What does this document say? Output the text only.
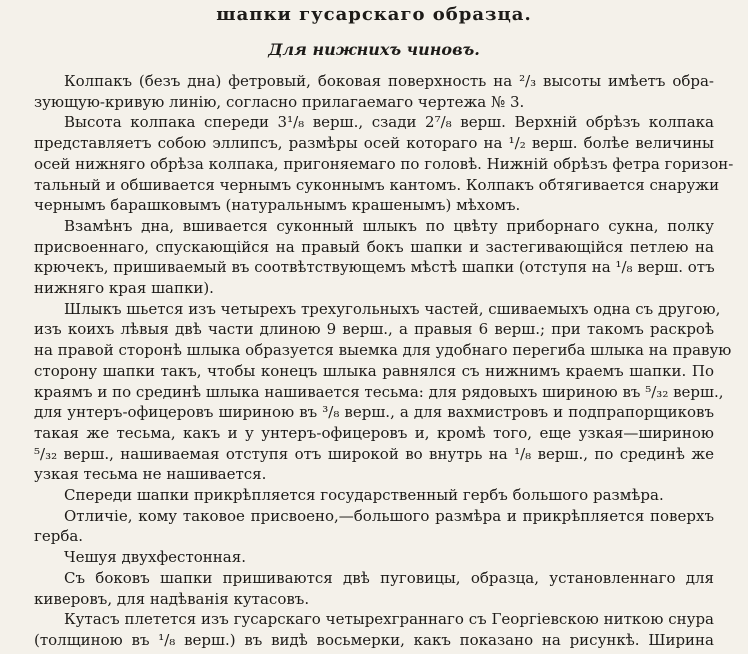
шапки гусарскаго образца.
Для нижнихъ чиновъ.
Колпакъ (безъ дна) фетровый, боковая поверхность на ²/₃ высоты имѣетъ обра-
зующую-кривую линію, согласно прилагаемаго чертежа № 3.
Высота колпака спереди 3¹/₈ верш., сзади 2⁷/₈ верш. Верхній обрѣзъ колпака
представляетъ собою эллипсъ, размѣры осей котораго на ¹/₂ верш. болѣе величины
осей нижняго обрѣза колпака, пригоняемаго по головѣ. Нижній обрѣзъ фетра горизон-
тальный и обшивается чернымъ суконнымъ кантомъ. Колпакъ обтягивается снаружи
чернымъ барашковымъ (натуральнымъ крашенымъ) мѣхомъ.
Взамѣнъ дна, вшивается суконный шлыкъ по цвѣту приборнаго сукна, полку
присвоеннаго, спускающійся на правый бокъ шапки и застегивающійся петлею на
крючекъ, пришиваемый въ соотвѣтствующемъ мѣстѣ шапки (отступя на ¹/₈ верш. отъ
нижняго края шапки).
Шлыкъ шьется изъ четырехъ трехугольныхъ частей, сшиваемыхъ одна съ другою,
изъ коихъ лѣвыя двѣ части длиною 9 верш., а правыя 6 верш.; при такомъ раскроѣ
на правой сторонѣ шлыка образуется выемка для удобнаго перегиба шлыка на правую
сторону шапки такъ, чтобы конецъ шлыка равнялся съ нижнимъ краемъ шапки. По
краямъ и по срединѣ шлыка нашивается тесьма: для рядовыхъ шириною въ ⁵/₃₂ верш.,
для унтеръ-офицеровъ шириною въ ³/₈ верш., а для вахмистровъ и подпрапорщиковъ
такая же тесьма, какъ и у унтеръ-офицеровъ и, кромѣ того, еще узкая—шириною
⁵/₃₂ верш., нашиваемая отступя отъ широкой во внутрь на ¹/₈ верш., по срединѣ же
узкая тесьма не нашивается.
Спереди шапки прикрѣпляется государственный гербъ большого размѣра.
Отличіе, кому таковое присвоено,—большого размѣра и прикрѣпляется поверхъ
герба.
Чешуя двухфестонная.
Съ боковъ шапки пришиваются двѣ пуговицы, образца, установленнаго для
киверовъ, для надѣванія кутасовъ.
Кутасъ плетется изъ гусарскаго четырехграннаго съ Георгіевскою ниткою снура
(толщиною въ ¹/₈ верш.) въ видѣ восьмерки, какъ показано на рисункѣ. Ширина
